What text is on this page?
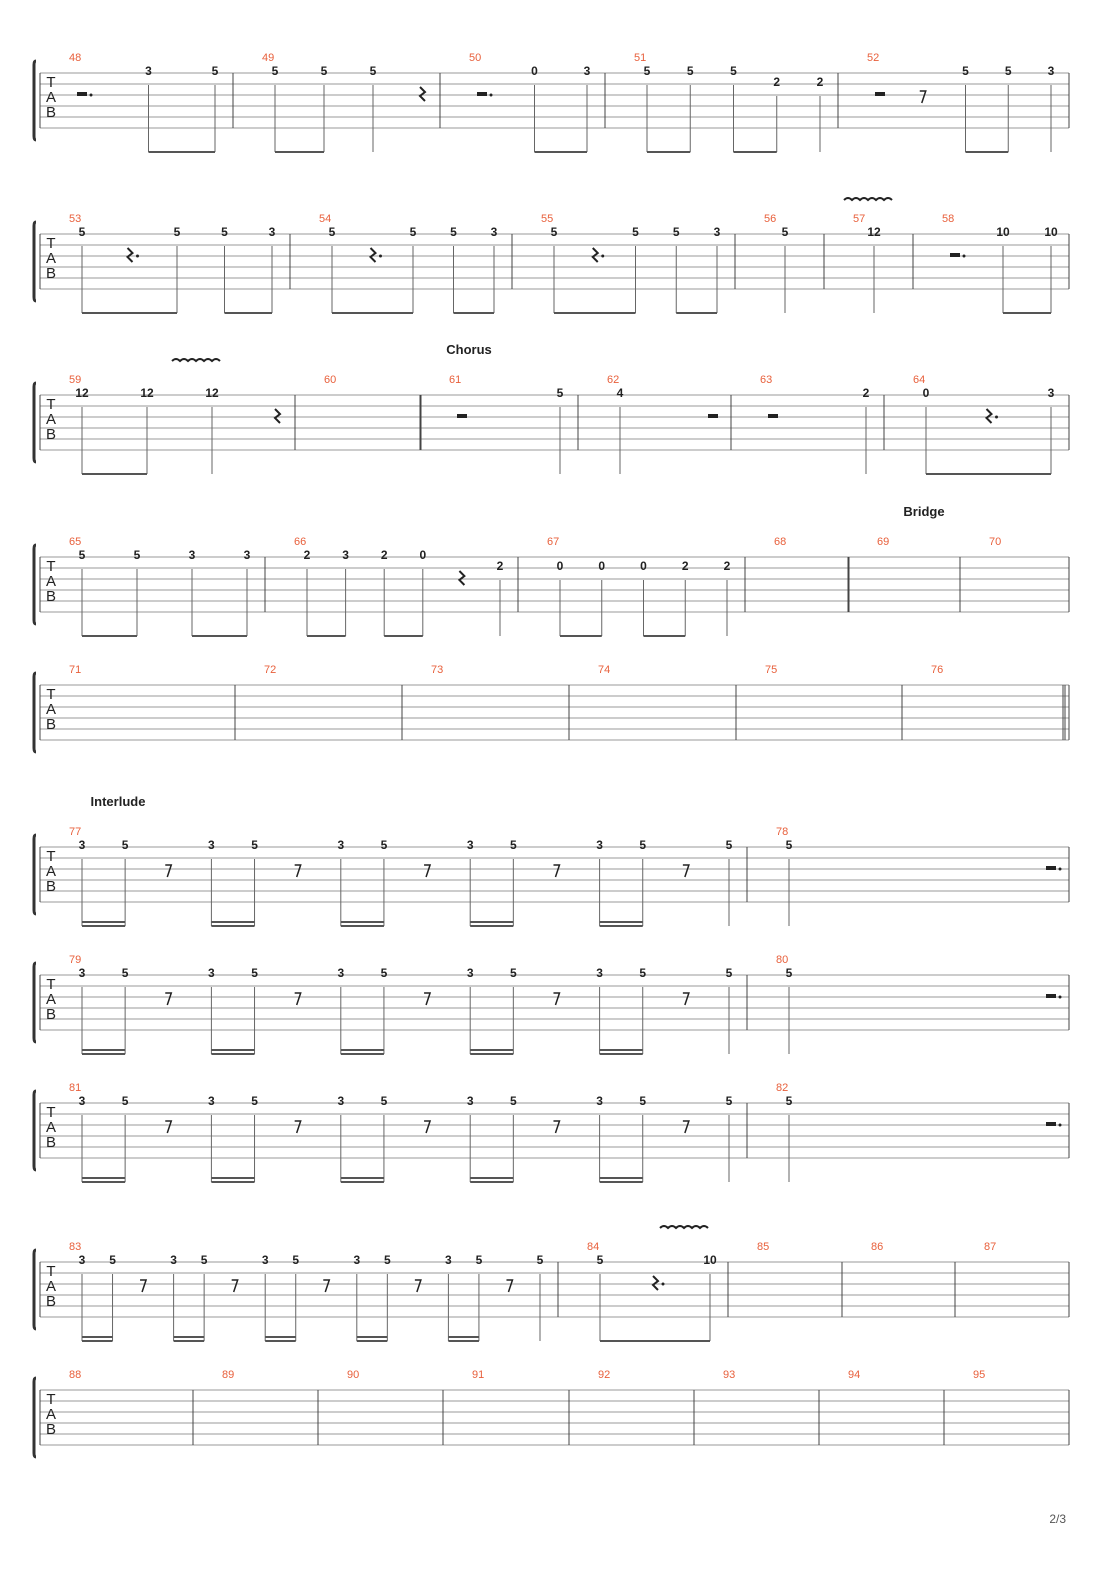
T
A
B
48
3	5
49
5	5	5
50
0	3
51
5	5	5
2	2
52
5	5	3
T
A
B
53
5	5	5	3
54
5	5	5	3
55
5	5	5	3
56
5
57
12
58
10	10
Chorus
T
A
B
59
12	12	12
60	61
5
62
4
63
2
64
0	3
Bridge
T
A
B
65
5	5	3	3
66
2	3	2	0
2
67
0	0	0	2	2
68	69	70
T
A
B
71	72	73	74	75	76
Interlude
T
A
B
77
3	5	3	5	3	5	3	5	3	5	5
78
5
T
A
B
79
3	5	3	5	3	5	3	5	3	5	5
80
5
T
A
B
81
3	5	3	5	3	5	3	5	3	5	5
82
5
T
A
B
83
3 5	3 5	3 5	3 5	3 5	5
84
5	10
85	86	87
T
A
B
88	89	90	91	92	93	94	95
2/3
